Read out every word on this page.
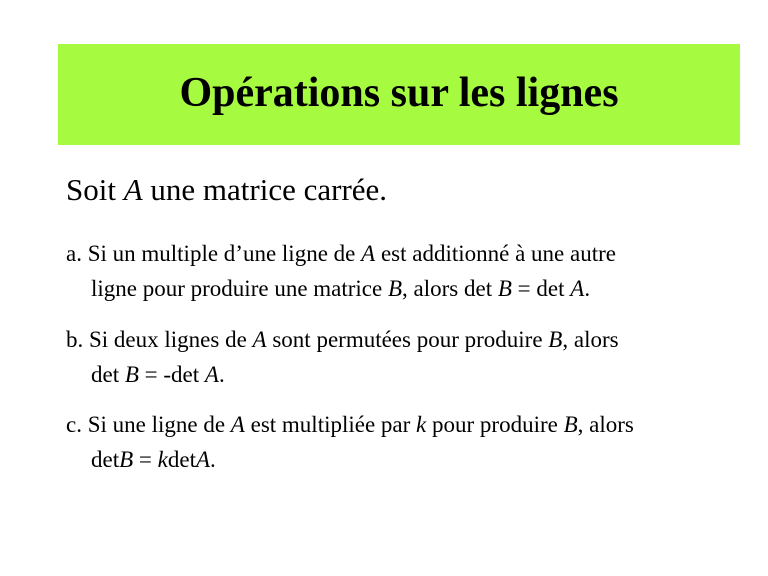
Opérations sur les lignes

Soit A une matrice carrée.

a. Si un multiple d’une ligne de A est additionné à une autre
ligne pour produire une matrice B, alors det B = det A.
b. Si deux lignes de A sont permutées pour produire B, alors
det B = -det A.
c. Si une ligne de A est multipliée par k pour produire B, alors
detB = kdetA.
